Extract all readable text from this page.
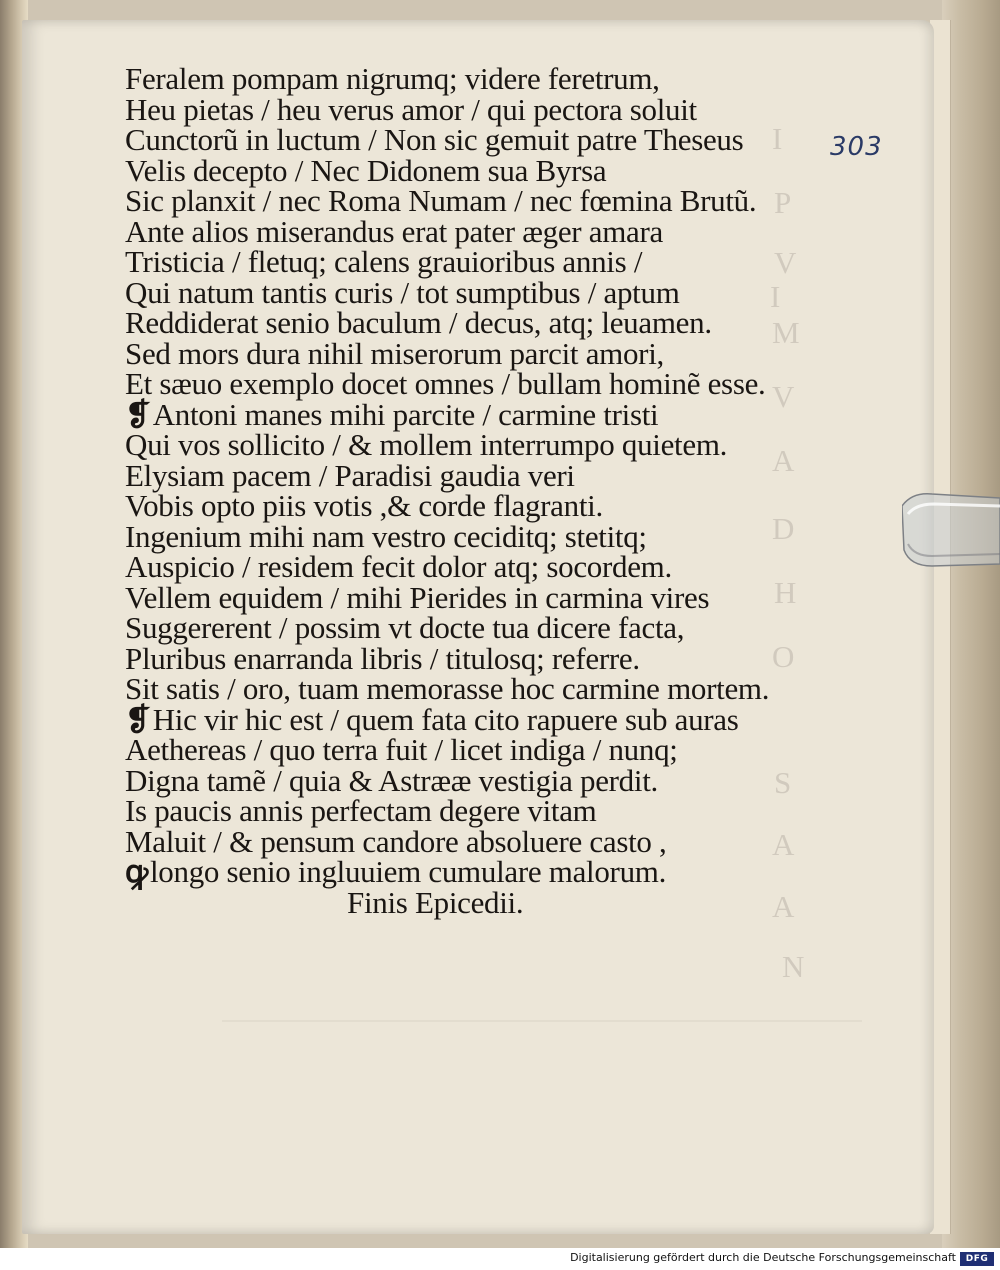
I
P
V
I
M
V
A
D
H
O
S
A
A
N
303
Feralem pompam nigrumq; videre feretrum,
Heu pietas / heu verus amor / qui pectora soluit
Cunctorũ in luctum / Non sic gemuit patre Theseus
Velis decepto / Nec Didonem sua Byrsa
Sic planxit / nec Roma Numam / nec fœmina Brutũ.
Ante alios miserandus erat pater æger amara
Tristicia / fletuq; calens grauioribus annis /
Qui natum tantis curis / tot sumptibus / aptum
Reddiderat senio baculum / decus, atq; leuamen.
Sed mors dura nihil miserorum parcit amori,
Et sæuo exemplo docet omnes / bullam hominẽ esse.
❡Antoni manes mihi parcite / carmine tristi
Qui vos sollicito / & mollem interrumpo quietem.
Elysiam pacem / Paradisi gaudia veri
Vobis opto piis votis ,& corde flagranti.
Ingenium mihi nam vestro ceciditq; stetitq;
Auspicio / residem fecit dolor atq; socordem.
Vellem equidem / mihi Pierides in carmina vires
Suggererent / possim vt docte tua dicere facta,
Pluribus enarranda libris / titulosq; referre.
Sit satis / oro, tuam memorasse hoc carmine mortem.
❡Hic vir hic est / quem fata cito rapuere sub auras
Aethereas / quo terra fuit / licet indiga / nunq;
Digna tamẽ / quia & Astrææ vestigia perdit.
Is paucis annis perfectam degere vitam
Maluit / & pensum candore absoluere casto ,
ꝙlongo senio ingluuiem cumulare malorum.
Finis Epicedii.
Digitalisierung gefördert durch die Deutsche Forschungsgemeinschaft	DFG
